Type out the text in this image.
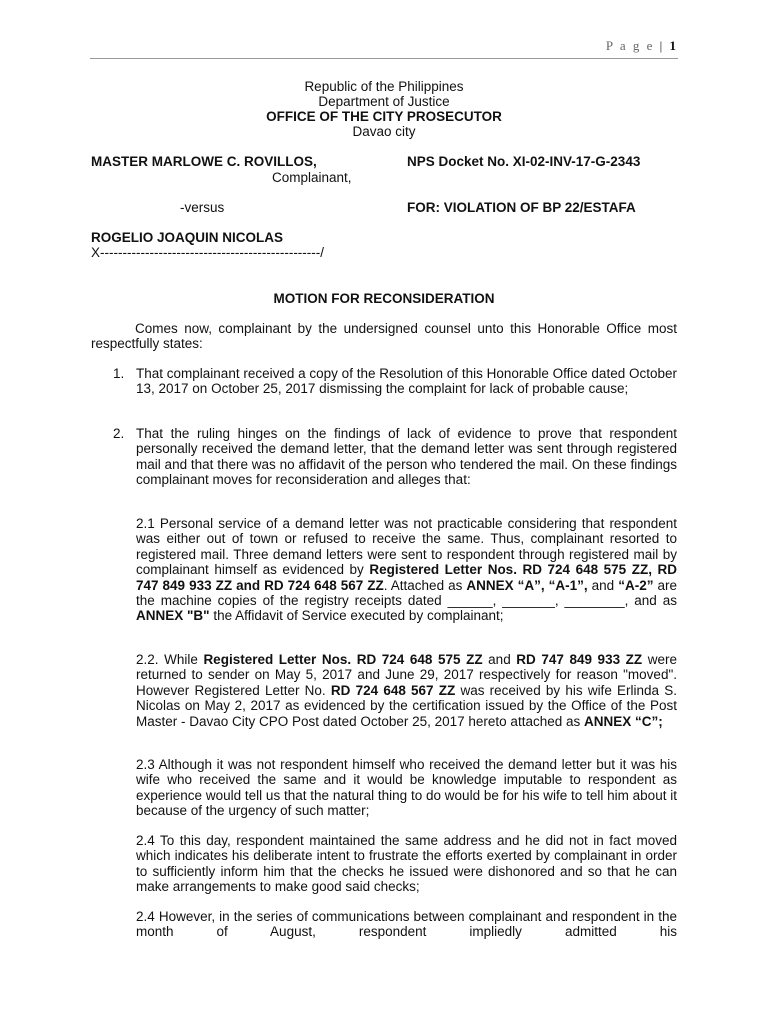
P a g e | 1
Republic of the Philippines
Department of Justice
OFFICE OF THE CITY PROSECUTOR
Davao city
MASTER MARLOWE C. ROVILLOS,	NPS Docket No. XI-02-INV-17-G-2343
Complainant,
-versus	FOR: VIOLATION OF BP 22/ESTAFA
ROGELIO JOAQUIN NICOLAS
X-------------------------------------------------/
MOTION FOR RECONSIDERATION
Comes now, complainant by the undersigned counsel unto this Honorable Office most respectfully states:
1. That complainant received a copy of the Resolution of this Honorable Office dated October 13, 2017 on October 25, 2017 dismissing the complaint for lack of probable cause;
2. That the ruling hinges on the findings of lack of evidence to prove that respondent personally received the demand letter, that the demand letter was sent through registered mail and that there was no affidavit of the person who tendered the mail. On these findings complainant moves for reconsideration and alleges that:
2.1 Personal service of a demand letter was not practicable considering that respondent was either out of town or refused to receive the same. Thus, complainant resorted to registered mail. Three demand letters were sent to respondent through registered mail by complainant himself as evidenced by Registered Letter Nos. RD 724 648 575 ZZ, RD 747 849 933 ZZ and RD 724 648 567 ZZ. Attached as ANNEX “A”, “A-1”, and “A-2” are the machine copies of the registry receipts dated ______, _______, ________, and as ANNEX "B" the Affidavit of Service executed by complainant;
2.2. While Registered Letter Nos. RD 724 648 575 ZZ and RD 747 849 933 ZZ were returned to sender on May 5, 2017 and June 29, 2017 respectively for reason "moved". However Registered Letter No. RD 724 648 567 ZZ was received by his wife Erlinda S. Nicolas on May 2, 2017 as evidenced by the certification issued by the Office of the Post Master - Davao City CPO Post dated October 25, 2017 hereto attached as ANNEX “C”;
2.3 Although it was not respondent himself who received the demand letter but it was his wife who received the same and it would be knowledge imputable to respondent as experience would tell us that the natural thing to do would be for his wife to tell him about it because of the urgency of such matter;
2.4 To this day, respondent maintained the same address and he did not in fact moved which indicates his deliberate intent to frustrate the efforts exerted by complainant in order to sufficiently inform him that the checks he issued were dishonored and so that he can make arrangements to make good said checks;
2.4 However, in the series of communications between complainant and respondent in the month of August, respondent impliedly admitted his
